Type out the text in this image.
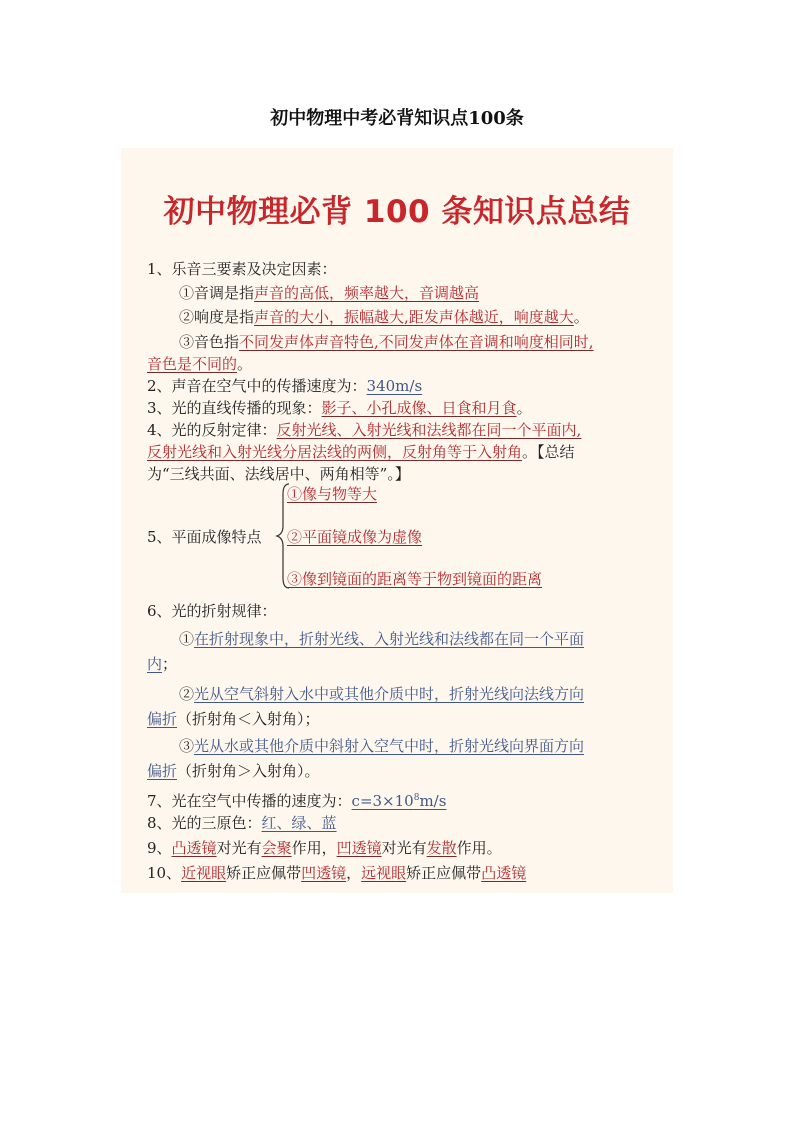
初中物理中考必背知识点100条
初中物理必背 100 条知识点总结
1、乐音三要素及决定因素：
①音调是指声音的高低，频率越大，音调越高
②响度是指声音的大小，振幅越大,距发声体越近，响度越大。
③音色指不同发声体声音特色,不同发声体在音调和响度相同时,
音色是不同的。
2、声音在空气中的传播速度为：340m/s
3、光的直线传播的现象：影子、小孔成像、日食和月食。
4、光的反射定律：反射光线、入射光线和法线都在同一个平面内,
反射光线和入射光线分居法线的两侧，反射角等于入射角。【总结
为“三线共面、法线居中、两角相等”。】
5、平面成像特点
①像与物等大
②平面镜成像为虚像
③像到镜面的距离等于物到镜面的距离
6、光的折射规律：
①在折射现象中，折射光线、入射光线和法线都在同一个平面
内；
②光从空气斜射入水中或其他介质中时，折射光线向法线方向
偏折（折射角＜入射角）；
③光从水或其他介质中斜射入空气中时，折射光线向界面方向
偏折（折射角＞入射角）。
7、光在空气中传播的速度为：$c=3\times 10^8m/s$
8、光的三原色：红、绿、蓝
9、凸透镜对光有会聚作用，凹透镜对光有发散作用。
10、近视眼矫正应佩带凹透镜，远视眼矫正应佩带凸透镜
